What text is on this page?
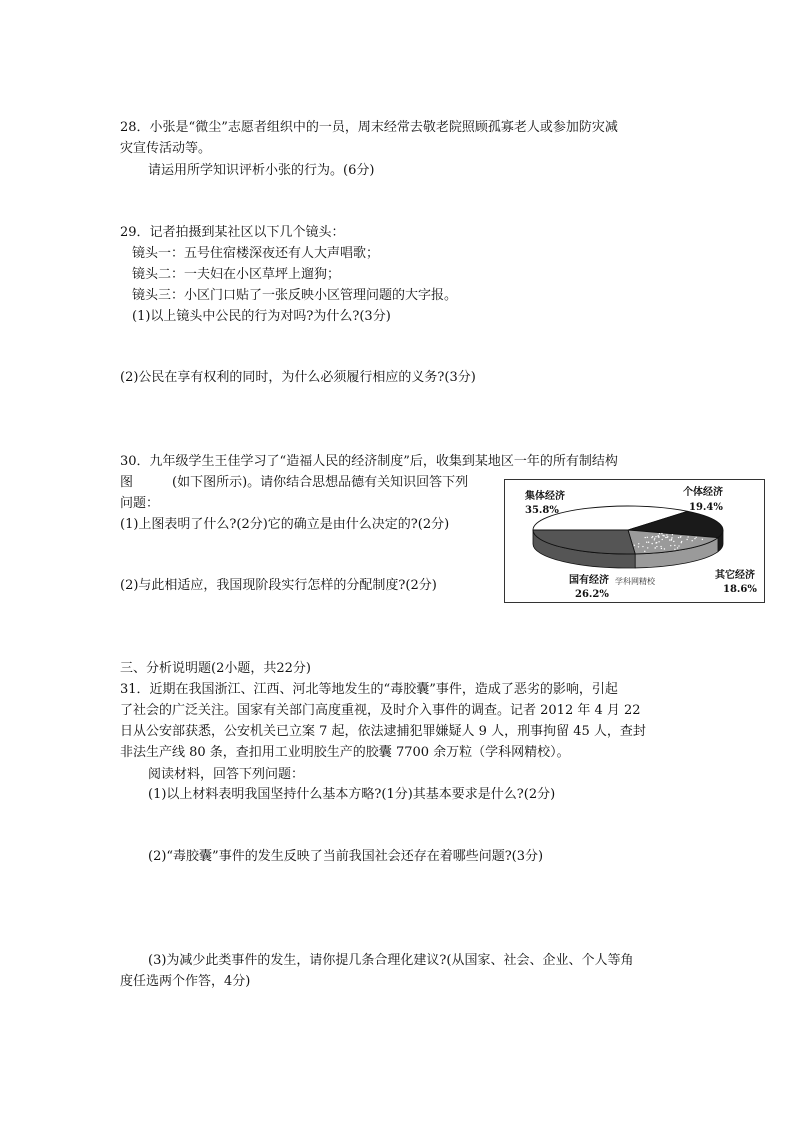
28．小张是“微尘”志愿者组织中的一员，周末经常去敬老院照顾孤寡老人或参加防灾减
灾宣传活动等。
请运用所学知识评析小张的行为。(6分)
29．记者拍摄到某社区以下几个镜头：
镜头一：五号住宿楼深夜还有人大声唱歌；
镜头二：一夫妇在小区草坪上遛狗；
镜头三：小区门口贴了一张反映小区管理问题的大字报。
(1)以上镜头中公民的行为对吗?为什么?(3分)
(2)公民在享有权利的同时，为什么必须履行相应的义务?(3分)
30．九年级学生王佳学习了“造福人民的经济制度”后，收集到某地区一年的所有制结构
图	(如下图所示)。请你结合思想品德有关知识回答下列
问题：
(1)上图表明了什么?(2分)它的确立是由什么决定的?(2分)
(2)与此相适应，我国现阶段实行怎样的分配制度?(2分)
集体经济
35.8%
个体经济
19.4%
其它经济
18.6%
国有经济
26.2%
学科网精校
三、分析说明题(2小题，共22分)
31．近期在我国浙江、江西、河北等地发生的“毒胶囊”事件，造成了恶劣的影响，引起
了社会的广泛关注。国家有关部门高度重视，及时介入事件的调查。记者 2012 年 4 月 22
日从公安部获悉，公安机关已立案 7 起，依法逮捕犯罪嫌疑人 9 人，刑事拘留 45 人，查封
非法生产线 80 条，查扣用工业明胶生产的胶囊 7700 余万粒（学科网精校）。
阅读材料，回答下列问题：
(1)以上材料表明我国坚持什么基本方略?(1分)其基本要求是什么?(2分)
(2)“毒胶囊”事件的发生反映了当前我国社会还存在着哪些问题?(3分)
(3)为减少此类事件的发生，请你提几条合理化建议?(从国家、社会、企业、个人等角
度任选两个作答，4分)
